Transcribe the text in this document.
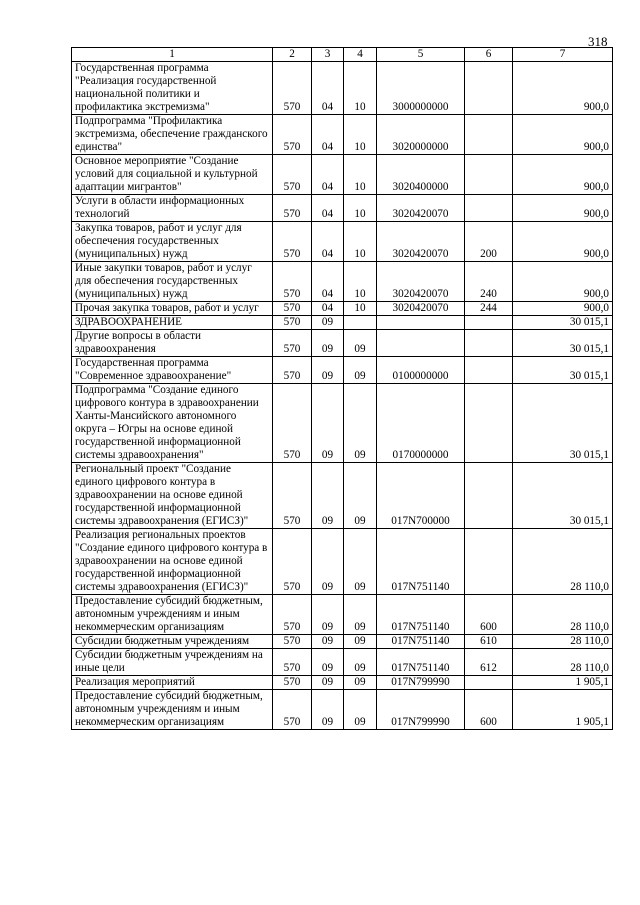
318
1	2	3	4	5	6	7
Государственная программа "Реализация государственной национальной политики и профилактика экстремизма"	570	04	10	3000000000		900,0
Подпрограмма "Профилактика экстремизма, обеспечение гражданского единства"	570	04	10	3020000000		900,0
Основное мероприятие "Создание условий для социальной и культурной адаптации мигрантов"	570	04	10	3020400000		900,0
Услуги в области информационных технологий	570	04	10	3020420070		900,0
Закупка товаров, работ и услуг для обеспечения государственных (муниципальных) нужд	570	04	10	3020420070	200	900,0
Иные закупки товаров, работ и услуг для обеспечения государственных (муниципальных) нужд	570	04	10	3020420070	240	900,0
Прочая закупка товаров, работ и услуг	570	04	10	3020420070	244	900,0
ЗДРАВООХРАНЕНИЕ	570	09				30 015,1
Другие вопросы в области здравоохранения	570	09	09			30 015,1
Государственная программа "Современное здравоохранение"	570	09	09	0100000000		30 015,1
Подпрограмма "Создание единого цифрового контура в здравоохранении Ханты-Мансийского автономного округа – Югры на основе единой государственной информационной системы здравоохранения"	570	09	09	0170000000		30 015,1
Региональный проект "Создание единого цифрового контура в здравоохранении на основе единой государственной информационной системы здравоохранения (ЕГИСЗ)"	570	09	09	017N700000		30 015,1
Реализация региональных проектов "Создание единого цифрового контура в здравоохранении на основе единой государственной информационной системы здравоохранения (ЕГИСЗ)"	570	09	09	017N751140		28 110,0
Предоставление субсидий бюджетным, автономным учреждениям и иным некоммерческим организациям	570	09	09	017N751140	600	28 110,0
Субсидии бюджетным учреждениям	570	09	09	017N751140	610	28 110,0
Субсидии бюджетным учреждениям на иные цели	570	09	09	017N751140	612	28 110,0
Реализация мероприятий	570	09	09	017N799990		1 905,1
Предоставление субсидий бюджетным, автономным учреждениям и иным некоммерческим организациям	570	09	09	017N799990	600	1 905,1
